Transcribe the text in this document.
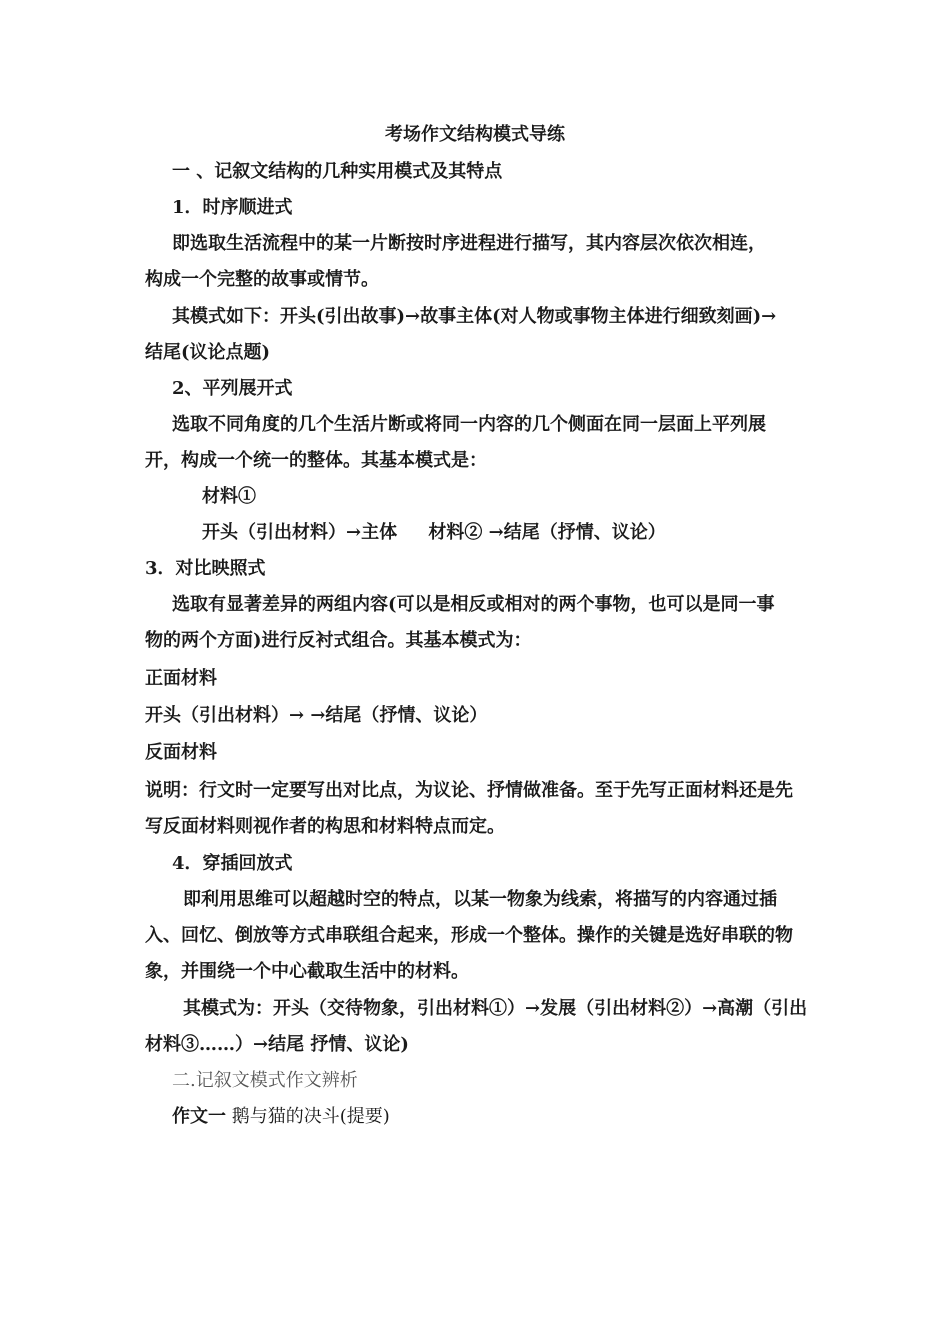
考场作文结构模式导练
一 、记叙文结构的几种实用模式及其特点
1．时序顺进式
即选取生活流程中的某一片断按时序进程进行描写，其内容层次依次相连，
构成一个完整的故事或情节。
其模式如下：开头(引出故事)→故事主体(对人物或事物主体进行细致刻画)→
结尾(议论点题)
2、平列展开式
选取不同角度的几个生活片断或将同一内容的几个侧面在同一层面上平列展
开，构成一个统一的整体。其基本模式是：
材料①
开头（引出材料）→主体     材料② →结尾（抒情、议论）
3．对比映照式
选取有显著差异的两组内容(可以是相反或相对的两个事物，也可以是同一事
物的两个方面)进行反衬式组合。其基本模式为：
正面材料
开头（引出材料）→ →结尾（抒情、议论）
反面材料
说明：行文时一定要写出对比点，为议论、抒情做准备。至于先写正面材料还是先
写反面材料则视作者的构思和材料特点而定。
4．穿插回放式
即利用思维可以超越时空的特点，以某一物象为线索，将描写的内容通过插
入、回忆、倒放等方式串联组合起来，形成一个整体。操作的关键是选好串联的物
象，并围绕一个中心截取生活中的材料。
其模式为：开头（交待物象，引出材料①）→发展（引出材料②）→高潮（引出
材料③……）→结尾 抒情、议论)
二.记叙文模式作文辨析
作文一 鹅与猫的决斗(提要)
